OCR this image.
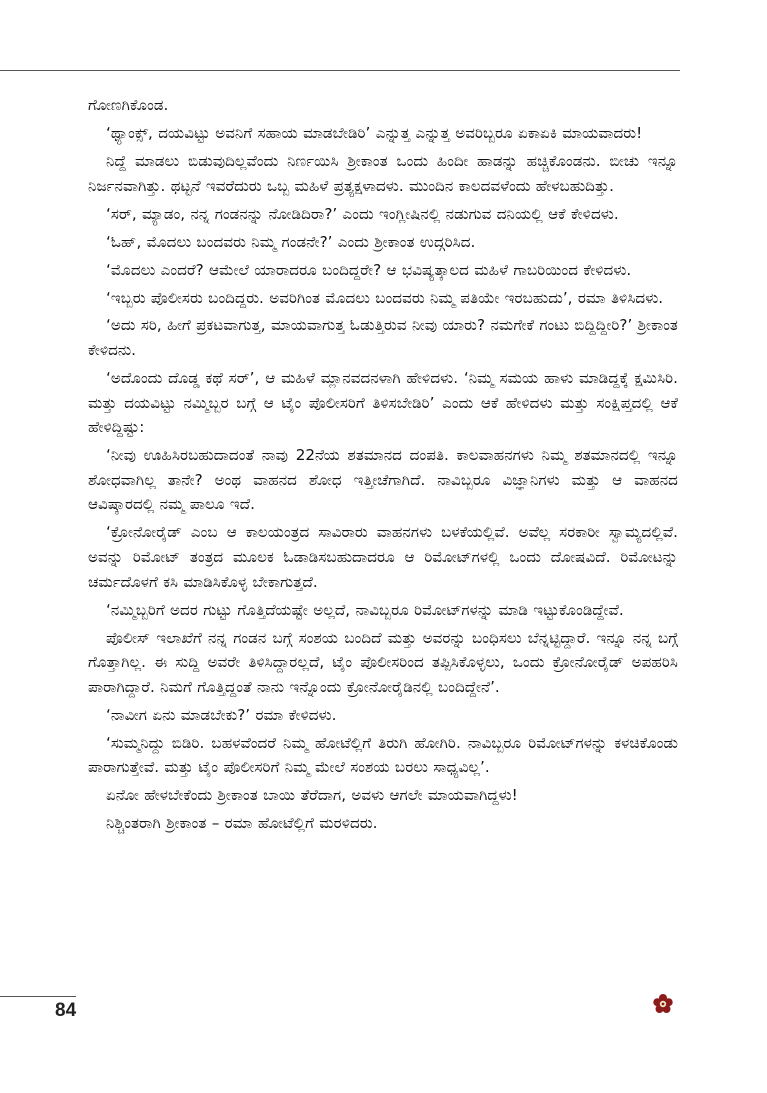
ಗೋಣಗಿಕೊಂಡ.

‘ಥ್ಯಾಂಕ್ಸ್, ದಯವಿಟ್ಟು ಅವನಿಗೆ ಸಹಾಯ ಮಾಡಬೇಡಿರಿ’ ಎನ್ನುತ್ತ ಎನ್ನುತ್ತ ಅವರಿಬ್ಬರೂ ಏಕಾಏಕಿ ಮಾಯವಾದರು!

ನಿದ್ದೆ ಮಾಡಲು ಬಿಡುವುದಿಲ್ಲವೆಂದು ನಿರ್ಣಯಿಸಿ ಶ್ರೀಕಾಂತ ಒಂದು ಹಿಂದೀ ಹಾಡನ್ನು ಹಚ್ಚಿಕೊಂಡನು. ಬೀಚು ಇನ್ನೂ ನಿರ್ಜನವಾಗಿತ್ತು. ಥಟ್ಟನೆ ಇವರೆದುರು ಒಬ್ಬ ಮಹಿಳೆ ಪ್ರತ್ಯಕ್ಷಳಾದಳು. ಮುಂದಿನ ಕಾಲದವಳೆಂದು ಹೇಳಬಹುದಿತ್ತು.

‘ಸರ್, ಮ್ಯಾಡಂ, ನನ್ನ ಗಂಡನನ್ನು ನೋಡಿದಿರಾ?’ ಎಂದು ಇಂಗ್ಲೀಷಿನಲ್ಲಿ ನಡುಗುವ ದನಿಯಲ್ಲಿ ಆಕೆ ಕೇಳಿದಳು.

‘ಓಹ್, ಮೊದಲು ಬಂದವರು ನಿಮ್ಮ ಗಂಡನೇ?’ ಎಂದು ಶ್ರೀಕಾಂತ ಉದ್ಗರಿಸಿದ.

‘ಮೊದಲು ಎಂದರೆ? ಆಮೇಲೆ ಯಾರಾದರೂ ಬಂದಿದ್ದರೇ? ಆ ಭವಿಷ್ಯತ್ಕಾಲದ ಮಹಿಳೆ ಗಾಬರಿಯಿಂದ ಕೇಳಿದಳು.

‘ಇಬ್ಬರು ಪೊಲೀಸರು ಬಂದಿದ್ದರು. ಅವರಿಗಿಂತ ಮೊದಲು ಬಂದವರು ನಿಮ್ಮ ಪತಿಯೇ ಇರಬಹುದು’, ರಮಾ ತಿಳಿಸಿದಳು.

‘ಅದು ಸರಿ, ಹೀಗೆ ಪ್ರಕಟವಾಗುತ್ತ, ಮಾಯವಾಗುತ್ತ ಓಡುತ್ತಿರುವ ನೀವು ಯಾರು? ನಮಗೇಕೆ ಗಂಟು ಬಿದ್ದಿದ್ದೀರಿ?’ ಶ್ರೀಕಾಂತ ಕೇಳಿದನು.

‘ಅದೊಂದು ದೊಡ್ಡ ಕಥೆ ಸರ್’, ಆ ಮಹಿಳೆ ಮ್ಲಾನವದನಳಾಗಿ ಹೇಳಿದಳು. ‘ನಿಮ್ಮ ಸಮಯ ಹಾಳು ಮಾಡಿದ್ದಕ್ಕೆ ಕ್ಷಮಿಸಿರಿ. ಮತ್ತು ದಯವಿಟ್ಟು ನಮ್ಮಿಬ್ಬರ ಬಗ್ಗೆ ಆ ಟೈಂ ಪೊಲೀಸರಿಗೆ ತಿಳಿಸಬೇಡಿರಿ’ ಎಂದು ಆಕೆ ಹೇಳಿದಳು ಮತ್ತು ಸಂಕ್ಷಿಪ್ತದಲ್ಲಿ ಆಕೆ ಹೇಳಿದ್ದಿಷ್ಟು:

‘ನೀವು ಊಹಿಸಿರಬಹುದಾದಂತೆ ನಾವು 22ನೆಯ ಶತಮಾನದ ದಂಪತಿ. ಕಾಲವಾಹನಗಳು ನಿಮ್ಮ ಶತಮಾನದಲ್ಲಿ ಇನ್ನೂ ಶೋಧವಾಗಿಲ್ಲ ತಾನೇ? ಅಂಥ ವಾಹನದ ಶೋಧ ಇತ್ತೀಚೆಗಾಗಿದೆ. ನಾವಿಬ್ಬರೂ ವಿಜ್ಞಾನಿಗಳು ಮತ್ತು ಆ ವಾಹನದ ಆವಿಷ್ಕಾರದಲ್ಲಿ ನಮ್ಮ ಪಾಲೂ ಇದೆ.

‘ಕ್ರೋನೋರೈಡ್ ಎಂಬ ಆ ಕಾಲಯಂತ್ರದ ಸಾವಿರಾರು ವಾಹನಗಳು ಬಳಕೆಯಲ್ಲಿವೆ. ಅವೆಲ್ಲ ಸರಕಾರೀ ಸ್ವಾಮ್ಯದಲ್ಲಿವೆ. ಅವನ್ನು ರಿಮೋಟ್ ತಂತ್ರದ ಮೂಲಕ ಓಡಾಡಿಸಬಹುದಾದರೂ ಆ ರಿಮೋಟ್‌ಗಳಲ್ಲಿ ಒಂದು ದೋಷವಿದೆ. ರಿಮೋಟನ್ನು ಚರ್ಮದೊಳಗೆ ಕಸಿ ಮಾಡಿಸಿಕೊಳ್ಳ ಬೇಕಾಗುತ್ತದೆ.

‘ನಮ್ಮಿಬ್ಬರಿಗೆ ಅದರ ಗುಟ್ಟು ಗೊತ್ತಿದೆಯಷ್ಟೇ ಅಲ್ಲದೆ, ನಾವಿಬ್ಬರೂ ರಿಮೋಟ್‌ಗಳನ್ನು ಮಾಡಿ ಇಟ್ಟುಕೊಂಡಿದ್ದೇವೆ.

ಪೊಲೀಸ್ ಇಲಾಖೆಗೆ ನನ್ನ ಗಂಡನ ಬಗ್ಗೆ ಸಂಶಯ ಬಂದಿದೆ ಮತ್ತು ಅವರನ್ನು ಬಂಧಿಸಲು ಬೆನ್ನಟ್ಟಿದ್ದಾರೆ. ಇನ್ನೂ ನನ್ನ ಬಗ್ಗೆ ಗೊತ್ತಾಗಿಲ್ಲ. ಈ ಸುದ್ದಿ ಅವರೇ ತಿಳಿಸಿದ್ದಾರಲ್ಲದೆ, ಟೈಂ ಪೊಲೀಸರಿಂದ ತಪ್ಪಿಸಿಕೊಳ್ಳಲು, ಒಂದು ಕ್ರೋನೋರೈಡ್ ಅಪಹರಿಸಿ ಪಾರಾಗಿದ್ದಾರೆ. ನಿಮಗೆ ಗೊತ್ತಿದ್ದಂತೆ ನಾನು ಇನ್ನೊಂದು ಕ್ರೋನೋರೈಡಿನಲ್ಲಿ ಬಂದಿದ್ದೇನೆ’.

‘ನಾವೀಗ ಏನು ಮಾಡಬೇಕು?’ ರಮಾ ಕೇಳಿದಳು.

‘ಸುಮ್ಮನಿದ್ದು ಬಿಡಿರಿ. ಬಹಳವೆಂದರೆ ನಿಮ್ಮ ಹೋಟೆಲ್ಲಿಗೆ ತಿರುಗಿ ಹೋಗಿರಿ. ನಾವಿಬ್ಬರೂ ರಿಮೋಟ್‌ಗಳನ್ನು ಕಳಚಿಕೊಂಡು ಪಾರಾಗುತ್ತೇವೆ. ಮತ್ತು ಟೈಂ ಪೊಲೀಸರಿಗೆ ನಿಮ್ಮ ಮೇಲೆ ಸಂಶಯ ಬರಲು ಸಾಧ್ಯವಿಲ್ಲ’.

ಏನೋ ಹೇಳಬೇಕೆಂದು ಶ್ರೀಕಾಂತ ಬಾಯಿ ತೆರೆದಾಗ, ಅವಳು ಆಗಲೇ ಮಾಯವಾಗಿದ್ದಳು!

ನಿಶ್ಚಿಂತರಾಗಿ ಶ್ರೀಕಾಂತ – ರಮಾ ಹೋಟೆಲ್ಲಿಗೆ ಮರಳಿದರು.

84
